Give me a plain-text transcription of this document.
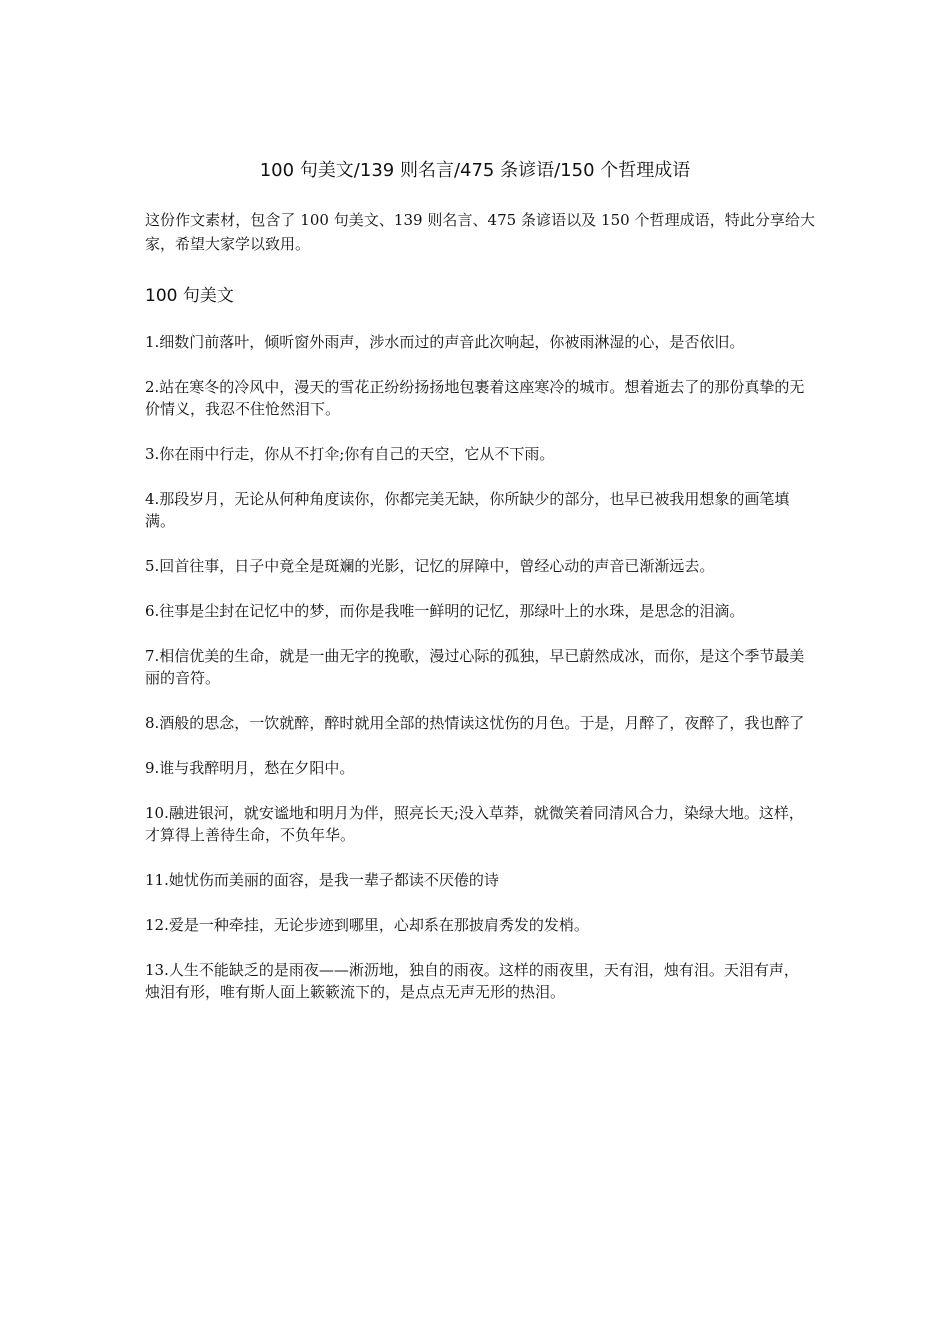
100 句美文/139 则名言/475 条谚语/150 个哲理成语

这份作文素材，包含了 100 句美文、139 则名言、475 条谚语以及 150 个哲理成语，特此分享给大家，希望大家学以致用。

100 句美文

1.细数门前落叶，倾听窗外雨声，涉水而过的声音此次响起，你被雨淋湿的心，是否依旧。

2.站在寒冬的冷风中，漫天的雪花正纷纷扬扬地包裹着这座寒冷的城市。想着逝去了的那份真挚的无价情义，我忍不住怆然泪下。

3.你在雨中行走，你从不打伞;你有自己的天空，它从不下雨。

4.那段岁月，无论从何种角度读你，你都完美无缺，你所缺少的部分，也早已被我用想象的画笔填满。

5.回首往事，日子中竟全是斑斓的光影，记忆的屏障中，曾经心动的声音已渐渐远去。

6.往事是尘封在记忆中的梦，而你是我唯一鲜明的记忆，那绿叶上的水珠，是思念的泪滴。

7.相信优美的生命，就是一曲无字的挽歌，漫过心际的孤独，早已蔚然成冰，而你，是这个季节最美丽的音符。

8.酒般的思念，一饮就醉，醉时就用全部的热情读这忧伤的月色。于是，月醉了，夜醉了，我也醉了

9.谁与我醉明月，愁在夕阳中。

10.融进银河，就安谧地和明月为伴，照亮长天;没入草莽，就微笑着同清风合力，染绿大地。这样，才算得上善待生命，不负年华。

11.她忧伤而美丽的面容，是我一辈子都读不厌倦的诗

12.爱是一种牵挂，无论步迹到哪里，心却系在那披肩秀发的发梢。

13.人生不能缺乏的是雨夜——淅沥地，独自的雨夜。这样的雨夜里，天有泪，烛有泪。天泪有声，烛泪有形，唯有斯人面上簌簌流下的，是点点无声无形的热泪。
